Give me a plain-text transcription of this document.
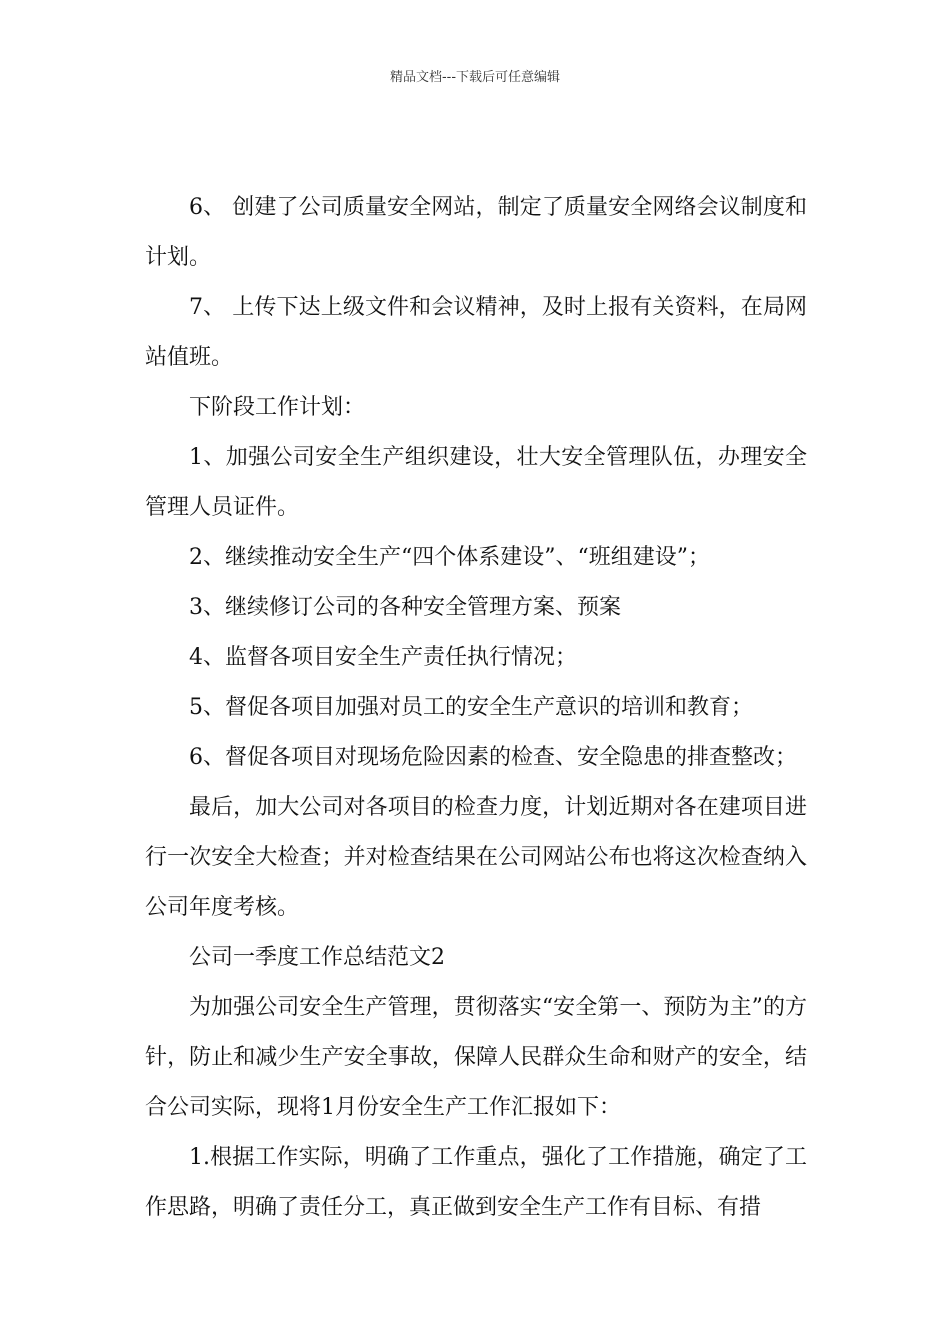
精品文档---下载后可任意编辑

6、 创建了公司质量安全网站，制定了质量安全网络会议制度和计划。

7、 上传下达上级文件和会议精神，及时上报有关资料，在局网站值班。

下阶段工作计划：

1、加强公司安全生产组织建设，壮大安全管理队伍，办理安全管理人员证件。

2、继续推动安全生产“四个体系建设”、“班组建设”；

3、继续修订公司的各种安全管理方案、预案

4、监督各项目安全生产责任执行情况；

5、督促各项目加强对员工的安全生产意识的培训和教育；

6、督促各项目对现场危险因素的检查、安全隐患的排查整改；

最后，加大公司对各项目的检查力度，计划近期对各在建项目进行一次安全大检查；并对检查结果在公司网站公布也将这次检查纳入公司年度考核。

公司一季度工作总结范文2

为加强公司安全生产管理，贯彻落实“安全第一、预防为主”的方针，防止和减少生产安全事故，保障人民群众生命和财产的安全，结合公司实际，现将1月份安全生产工作汇报如下：

1.根据工作实际，明确了工作重点，强化了工作措施，确定了工作思路，明确了责任分工，真正做到安全生产工作有目标、有措
